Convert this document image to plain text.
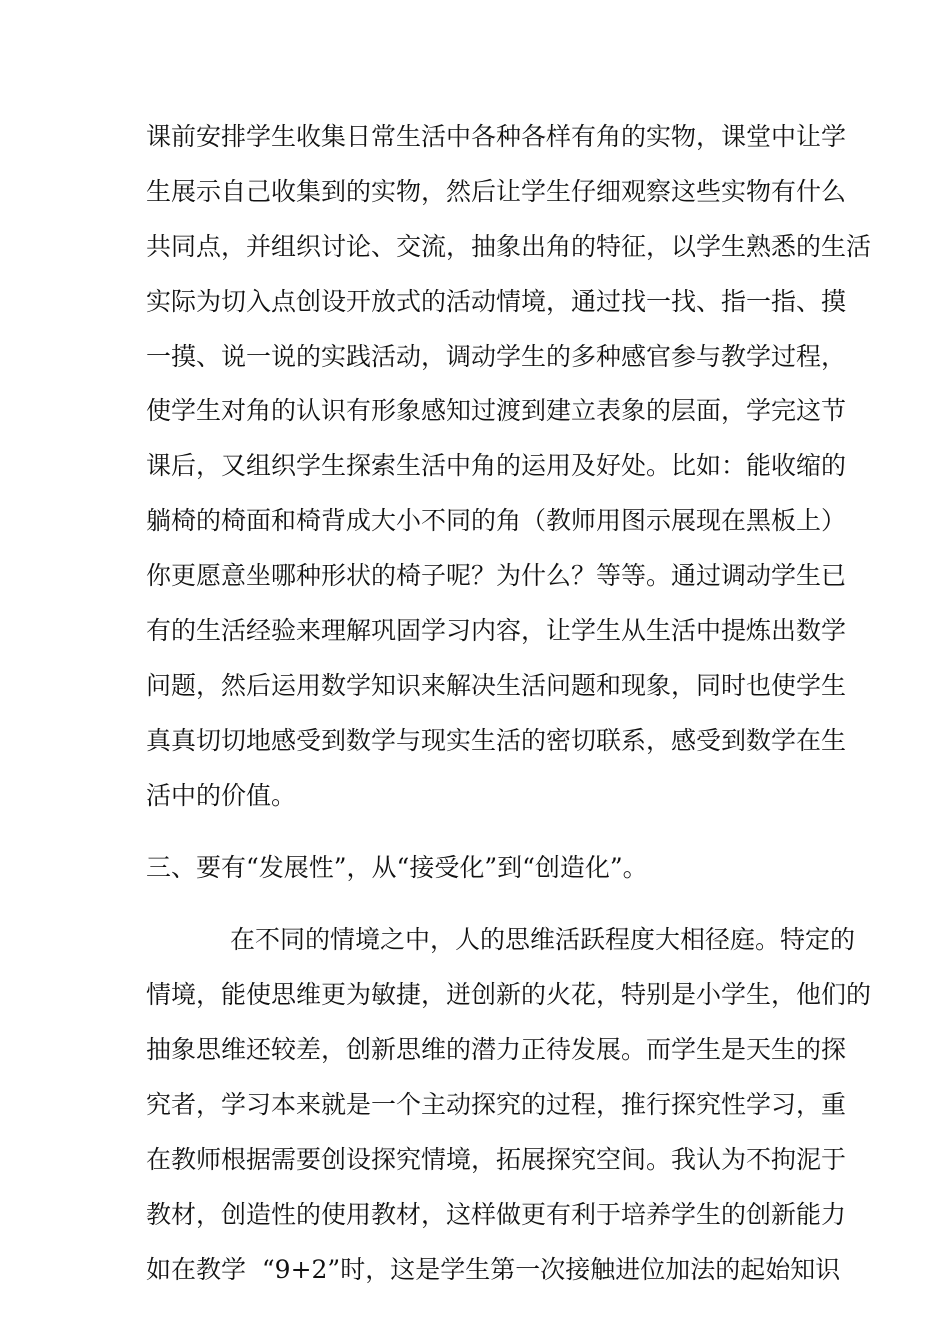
课前安排学生收集日常生活中各种各样有角的实物，课堂中让学
生展示自己收集到的实物，然后让学生仔细观察这些实物有什么
共同点，并组织讨论、交流，抽象出角的特征，以学生熟悉的生活
实际为切入点创设开放式的活动情境，通过找一找、指一指、摸
一摸、说一说的实践活动，调动学生的多种感官参与教学过程，
使学生对角的认识有形象感知过渡到建立表象的层面，学完这节
课后，又组织学生探索生活中角的运用及好处。比如：能收缩的
躺椅的椅面和椅背成大小不同的角（教师用图示展现在黑板上）
你更愿意坐哪种形状的椅子呢？为什么？等等。通过调动学生已
有的生活经验来理解巩固学习内容，让学生从生活中提炼出数学
问题，然后运用数学知识来解决生活问题和现象，同时也使学生
真真切切地感受到数学与现实生活的密切联系，感受到数学在生
活中的价值。
三、要有“发展性”，从“接受化”到“创造化”。
在不同的情境之中，人的思维活跃程度大相径庭。特定的
情境，能使思维更为敏捷，迸创新的火花，特别是小学生，他们的
抽象思维还较差，创新思维的潜力正待发展。而学生是天生的探
究者，学习本来就是一个主动探究的过程，推行探究性学习，重
在教师根据需要创设探究情境，拓展探究空间。我认为不拘泥于
教材，创造性的使用教材，这样做更有利于培养学生的创新能力
如在教学  “9+2”时，这是学生第一次接触进位加法的起始知识
